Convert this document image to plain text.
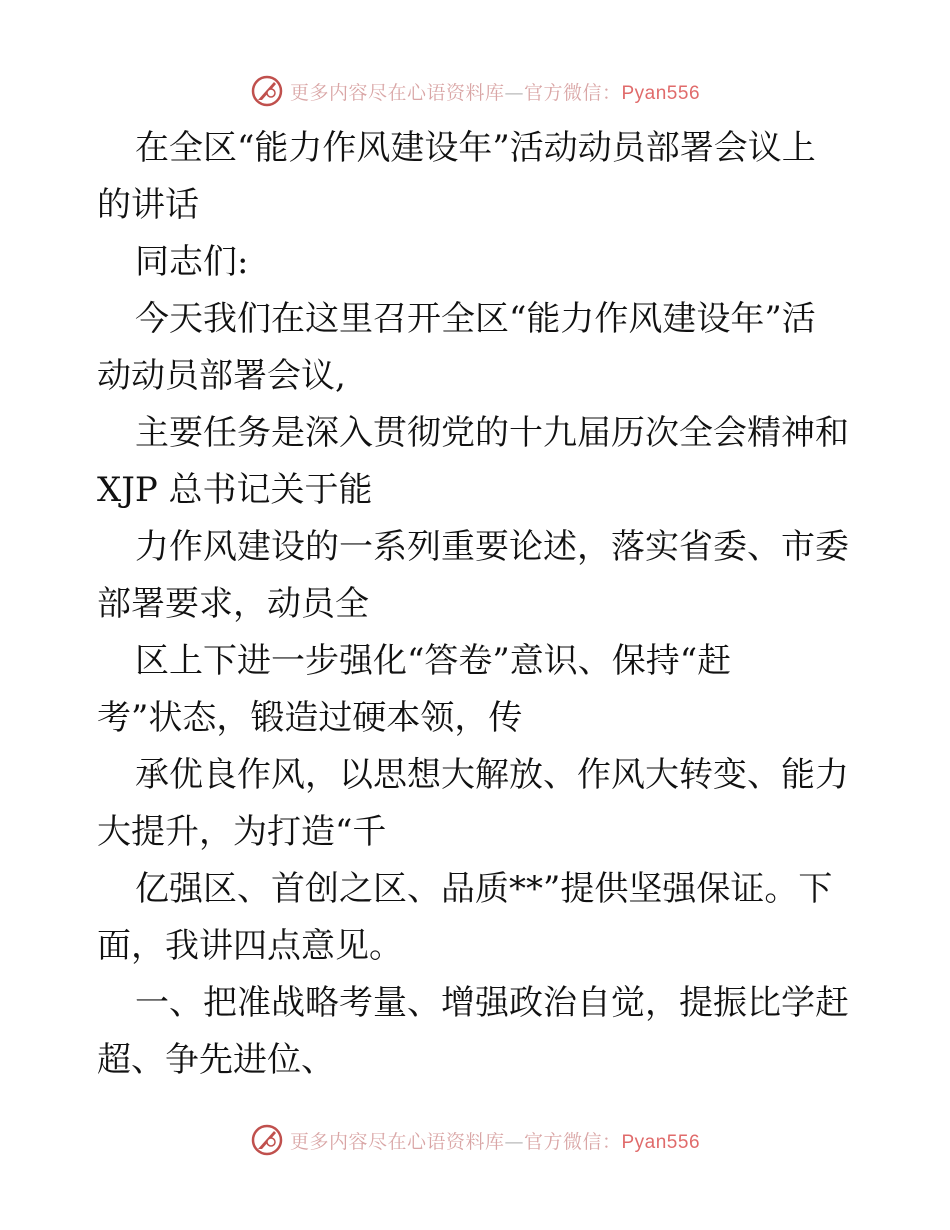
更多内容尽在心语资料库—官方微信：Pyan556
在全区“能力作风建设年”活动动员部署会议上
的讲话
同志们:
今天我们在这里召开全区“能力作风建设年”活
动动员部署会议,
主要任务是深入贯彻党的十九届历次全会精神和
XJP 总书记关于能
力作风建设的一系列重要论述，落实省委、市委
部署要求，动员全
区上下进一步强化“答卷”意识、保持“赶
考”状态，锻造过硬本领，传
承优良作风，以思想大解放、作风大转变、能力
大提升，为打造“千
亿强区、首创之区、品质**”提供坚强保证。下
面，我讲四点意见。
一、把准战略考量、增强政治自觉，提振比学赶
超、争先进位、
更多内容尽在心语资料库—官方微信：Pyan556
